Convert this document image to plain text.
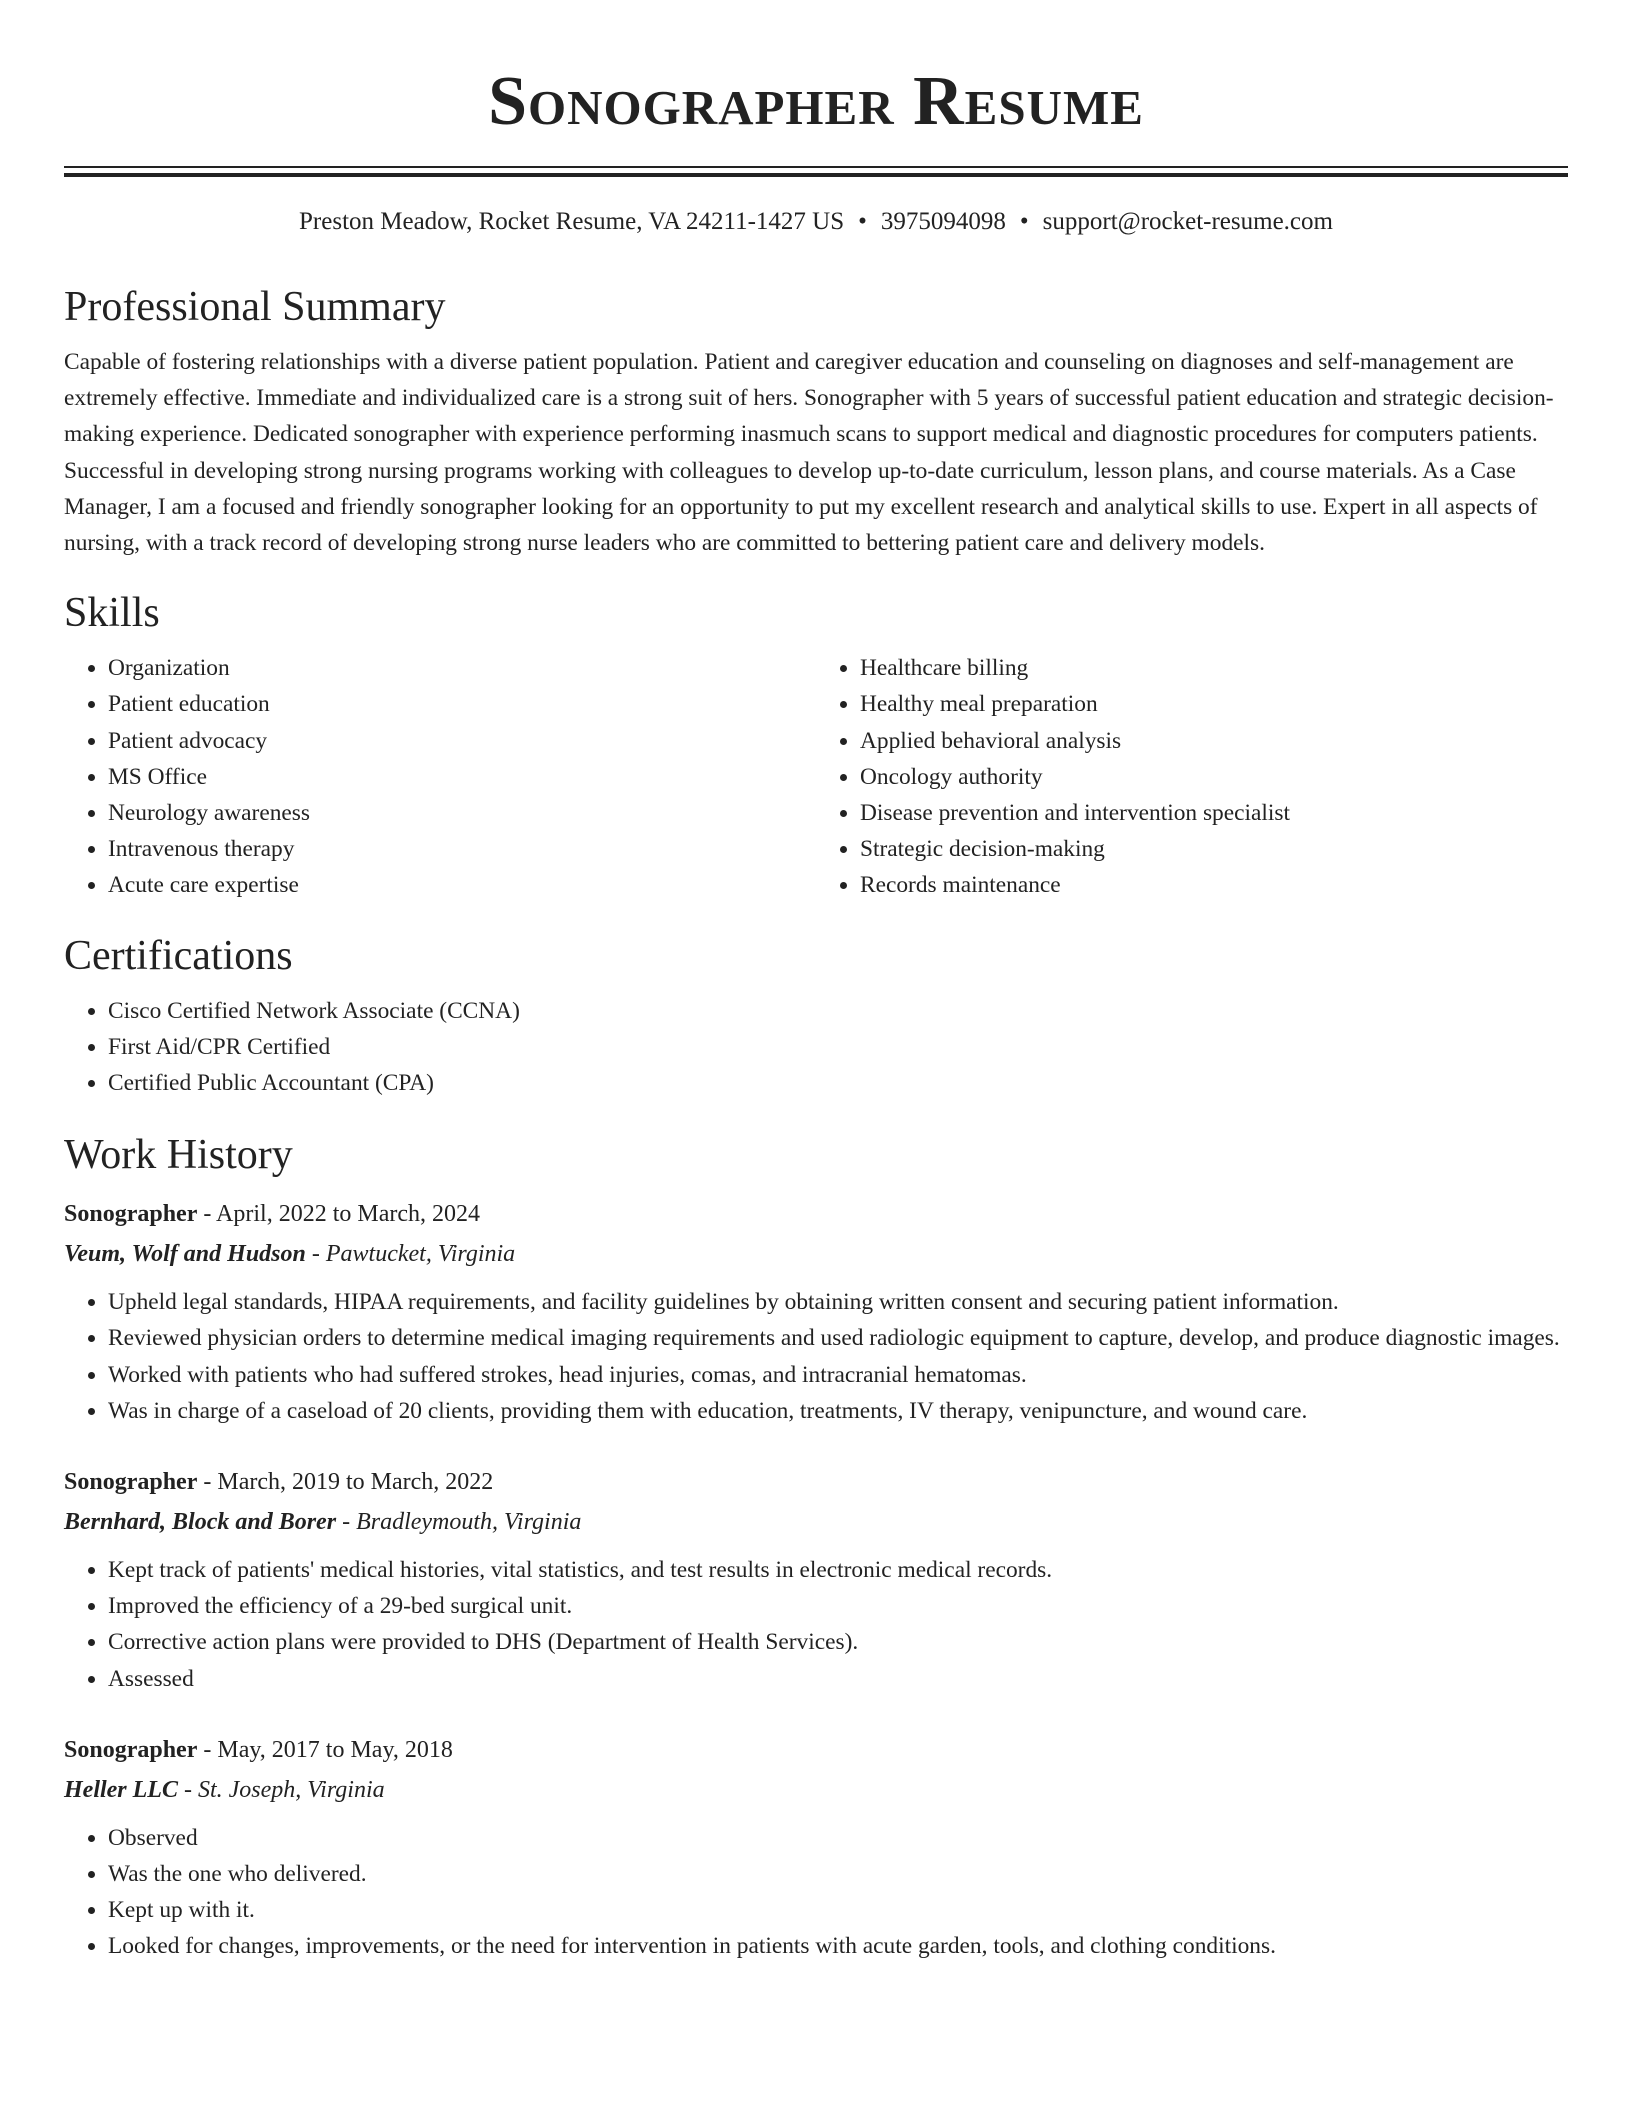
Sonographer Resume
Preston Meadow, Rocket Resume, VA 24211-1427 US • 3975094098 • support@rocket-resume.com
Professional Summary
Capable of fostering relationships with a diverse patient population. Patient and caregiver education and counseling on diagnoses and self-management are extremely effective. Immediate and individualized care is a strong suit of hers. Sonographer with 5 years of successful patient education and strategic decision-making experience. Dedicated sonographer with experience performing inasmuch scans to support medical and diagnostic procedures for computers patients. Successful in developing strong nursing programs working with colleagues to develop up-to-date curriculum, lesson plans, and course materials. As a Case Manager, I am a focused and friendly sonographer looking for an opportunity to put my excellent research and analytical skills to use. Expert in all aspects of nursing, with a track record of developing strong nurse leaders who are committed to bettering patient care and delivery models.
Skills
• Organization
• Patient education
• Patient advocacy
• MS Office
• Neurology awareness
• Intravenous therapy
• Acute care expertise
• Healthcare billing
• Healthy meal preparation
• Applied behavioral analysis
• Oncology authority
• Disease prevention and intervention specialist
• Strategic decision-making
• Records maintenance
Certifications
• Cisco Certified Network Associate (CCNA)
• First Aid/CPR Certified
• Certified Public Accountant (CPA)
Work History
Sonographer - April, 2022 to March, 2024
Veum, Wolf and Hudson - Pawtucket, Virginia
• Upheld legal standards, HIPAA requirements, and facility guidelines by obtaining written consent and securing patient information.
• Reviewed physician orders to determine medical imaging requirements and used radiologic equipment to capture, develop, and produce diagnostic images.
• Worked with patients who had suffered strokes, head injuries, comas, and intracranial hematomas.
• Was in charge of a caseload of 20 clients, providing them with education, treatments, IV therapy, venipuncture, and wound care.
Sonographer - March, 2019 to March, 2022
Bernhard, Block and Borer - Bradleymouth, Virginia
• Kept track of patients' medical histories, vital statistics, and test results in electronic medical records.
• Improved the efficiency of a 29-bed surgical unit.
• Corrective action plans were provided to DHS (Department of Health Services).
• Assessed
Sonographer - May, 2017 to May, 2018
Heller LLC - St. Joseph, Virginia
• Observed
• Was the one who delivered.
• Kept up with it.
• Looked for changes, improvements, or the need for intervention in patients with acute garden, tools, and clothing conditions.
